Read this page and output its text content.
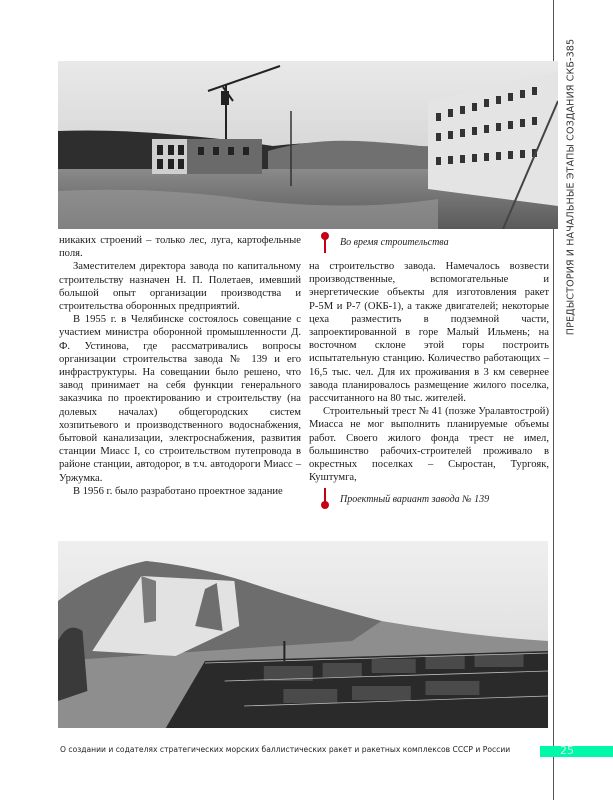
ПРЕДЫСТОРИЯ И НАЧАЛЬНЫЕ ЭТАПЫ СОЗДАНИЯ СКБ-385
Во время строительства

никаких строений – только лес, луга, картофельные поля.

Заместителем директора завода по капитальному строительству назначен Н. П. Полетаев, имевший большой опыт организации производства и строительства оборонных предприятий.

В 1955 г. в Челябинске состоялось совещание с участием министра оборонной промышленности Д. Ф. Устинова, где рассматривались вопросы организации строительства завода № 139 и его инфраструктуры. На совещании было решено, что завод принимает на себя функции генерального заказчика по проектированию и строительству (на долевых началах) общегородских систем хозпитьевого и производственного водоснабжения, бытовой канализации, электроснабжения, развития станции Миасс I, со строительством путепровода в районе станции, автодорог, в т.ч. автодороги Миасс – Уржумка.

В 1956 г. было разработано проектное задание

на строительство завода. Намечалось возвести производственные, вспомогательные и энергетические объекты для изготовления ракет Р-5М и Р-7 (ОКБ-1), а также двигателей; некоторые цеха разместить в подземной части, запроектированной в горе Малый Ильмень; на восточном склоне этой горы построить испытательную станцию. Количество работающих – 16,5 тыс. чел. Для их проживания в 3 км севернее завода планировалось размещение жилого поселка, рассчитанного на 80 тыс. жителей.

Строительный трест № 41 (позже Уралавтострой) Миасса не мог выполнить планируемые объемы работ. Своего жилого фонда трест не имел, большинство рабочих-строителей проживало в окрестных поселках – Сыростан, Тургояк, Куштумга,

Проектный вариант завода № 139
О создании и содателях стратегических морских баллистических ракет и ракетных комплексов СССР и России	25
